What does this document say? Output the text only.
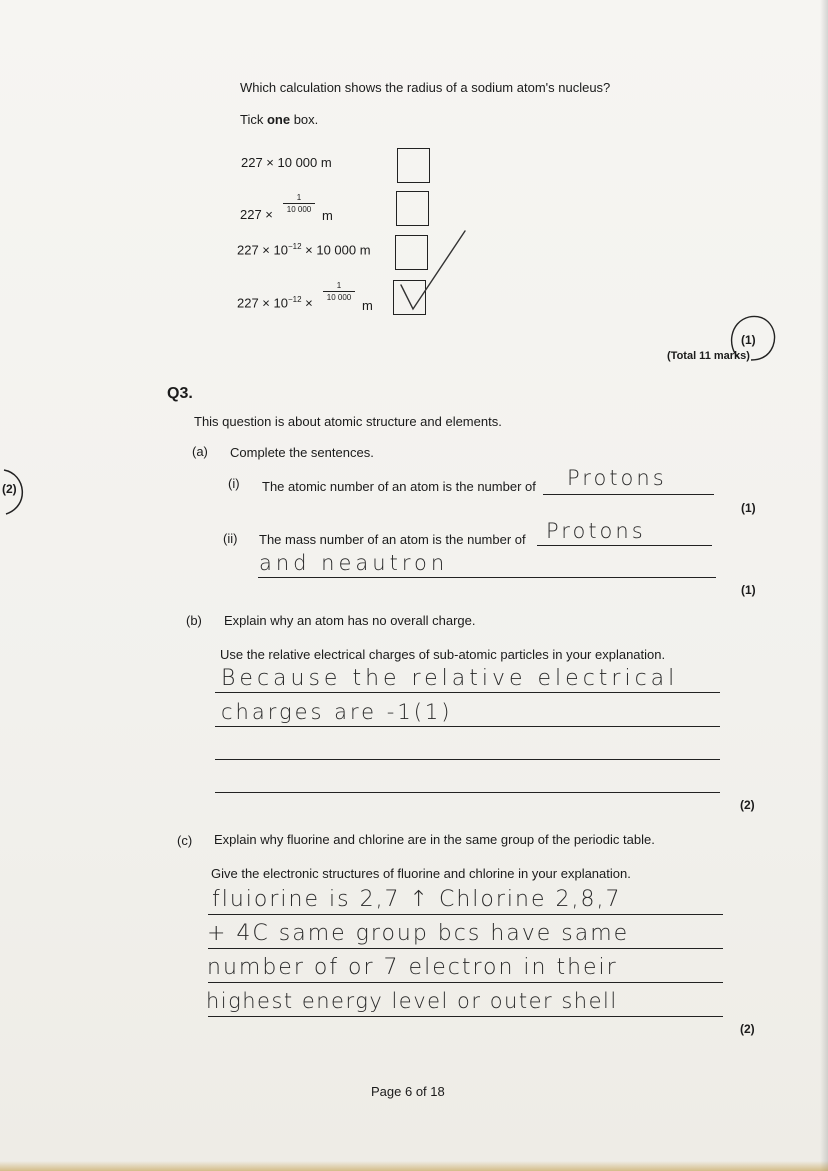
Which calculation shows the radius of a sodium atom's nucleus?
Tick one box.
227 × 10 000 m
227 ×
1
10 000 m
$227 \times 10^{-12} \times 10$ 000 m
$227 \times 10^{-12}$ ×
1
10 000
m
(1)
(Total 11 marks)
Q3.
This question is about atomic structure and elements.
(a) Complete the sentences.
(i) The atomic number of an atom is the number of Protons
(1)
(ii) The mass number of an atom is the number of Protons
and neautron
(1)
(b) Explain why an atom has no overall charge.
Use the relative electrical charges of sub-atomic particles in your explanation.
Because the relative electrical
charges are -1(1)
(2)
(c) Explain why fluorine and chlorine are in the same group of the periodic table.
Give the electronic structures of fluorine and chlorine in your explanation.
fluiorine is 2,7 ↑ Chlorine 2,8,7
+ 4C same group bcs have same
number of or 7 electron in their
highest energy level or outer shell
(2)
(2)
Page 6 of 18
